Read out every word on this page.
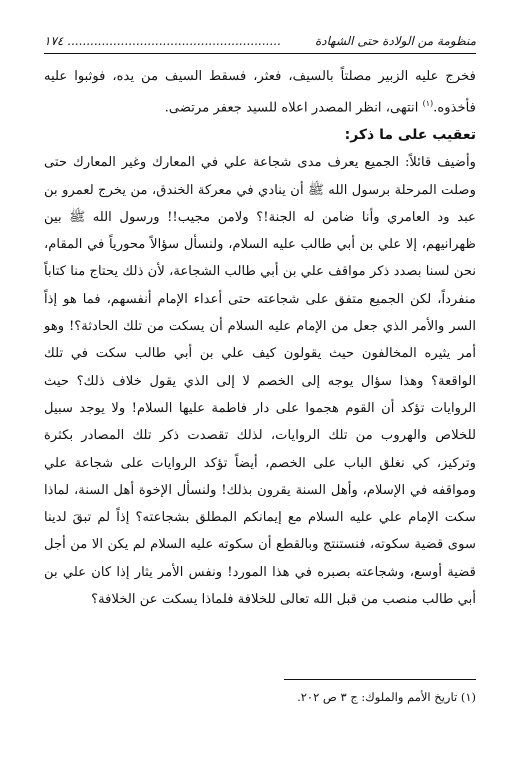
منظومة من الولادة حتى الشهادة
........................................................ ١٧٤

فخرج عليه الزبير مصلتاً بالسيف، فعثر، فسقط السيف من يده، فوثبوا عليه فأخذوه.$^{(١)}$ انتهى، انظر المصدر اعلاه للسيد جعفر مرتضى.

تعقيب على ما ذكر:

وأضيف قائلاً: الجميع يعرف مدى شجاعة علي في المعارك وغير المعارك حتى وصلت المرحلة برسول الله ﷺ أن ينادي في معركة الخندق، من يخرج لعمرو بن عبد ود العامري وأنا ضامن له الجنة!؟ ولامن مجيب!! ورسول الله ﷺ بين ظهرانيهم، إلا علي بن أبي طالب عليه السلام، ولنسأل سؤالاً محورياً في المقام، نحن لسنا بصدد ذكر مواقف علي بن أبي طالب الشجاعة، لأن ذلك يحتاج منا كتاباً منفرداً، لكن الجميع متفق على شجاعته حتى أعداء الإمام أنفسهم، فما هو إذاً السر والأمر الذي جعل من الإمام عليه السلام أن يسكت من تلك الحادثة؟! وهو أمر يثيره المخالفون حيث يقولون كيف علي بن أبي طالب سكت في تلك الواقعة؟ وهذا سؤال يوجه إلى الخصم لا إلى الذي يقول خلاف ذلك؟ حيث الروايات تؤكد أن القوم هجموا على دار فاطمة عليها السلام! ولا يوجد سبيل للخلاص والهروب من تلك الروايات، لذلك تقصدت ذكر تلك المصادر بكثرة وتركيز، كي نغلق الباب على الخصم، أيضاً تؤكد الروايات على شجاعة علي ومواقفه في الإسلام، وأهل السنة يقرون بذلك! ولنسأل الإخوة أهل السنة، لماذا سكت الإمام علي عليه السلام مع إيمانكم المطلق بشجاعته؟ إذاً لم تبقَ لدينا سوى قضية سكوته، فنستنتج وبالقطع أن سكوته عليه السلام لم يكن الا من أجل قضية أوسع، وشجاعته بصبره في هذا المورد! ونفس الأمر يثار إذا كان علي بن أبي طالب منصب من قبل الله تعالى للخلافة فلماذا يسكت عن الخلافة؟

(١) تاريخ الأمم والملوك: ج ٣ ص ٢٠٢.
